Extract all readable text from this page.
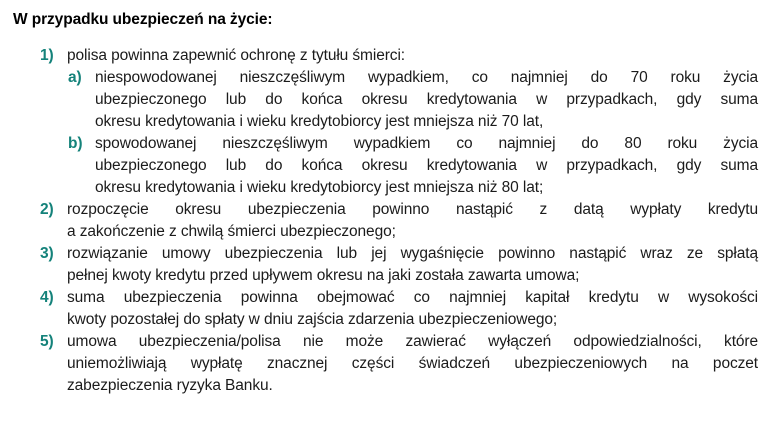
W przypadku ubezpieczeń na życie:
1) polisa powinna zapewnić ochronę z tytułu śmierci:
a) niespowodowanej nieszczęśliwym wypadkiem, co najmniej do 70 roku życia
ubezpieczonego lub do końca okresu kredytowania w przypadkach, gdy suma
okresu kredytowania i wieku kredytobiorcy jest mniejsza niż 70 lat,
b) spowodowanej nieszczęśliwym wypadkiem co najmniej do 80 roku życia
ubezpieczonego lub do końca okresu kredytowania w przypadkach, gdy suma
okresu kredytowania i wieku kredytobiorcy jest mniejsza niż 80 lat;
2) rozpoczęcie okresu ubezpieczenia powinno nastąpić z datą wypłaty kredytu
a zakończenie z chwilą śmierci ubezpieczonego;
3) rozwiązanie umowy ubezpieczenia lub jej wygaśnięcie powinno nastąpić wraz ze spłatą
pełnej kwoty kredytu przed upływem okresu na jaki została zawarta umowa;
4) suma ubezpieczenia powinna obejmować co najmniej kapitał kredytu w wysokości
kwoty pozostałej do spłaty w dniu zajścia zdarzenia ubezpieczeniowego;
5) umowa ubezpieczenia/polisa nie może zawierać wyłączeń odpowiedzialności, które
uniemożliwiają wypłatę znacznej części świadczeń ubezpieczeniowych na poczet
zabezpieczenia ryzyka Banku.
